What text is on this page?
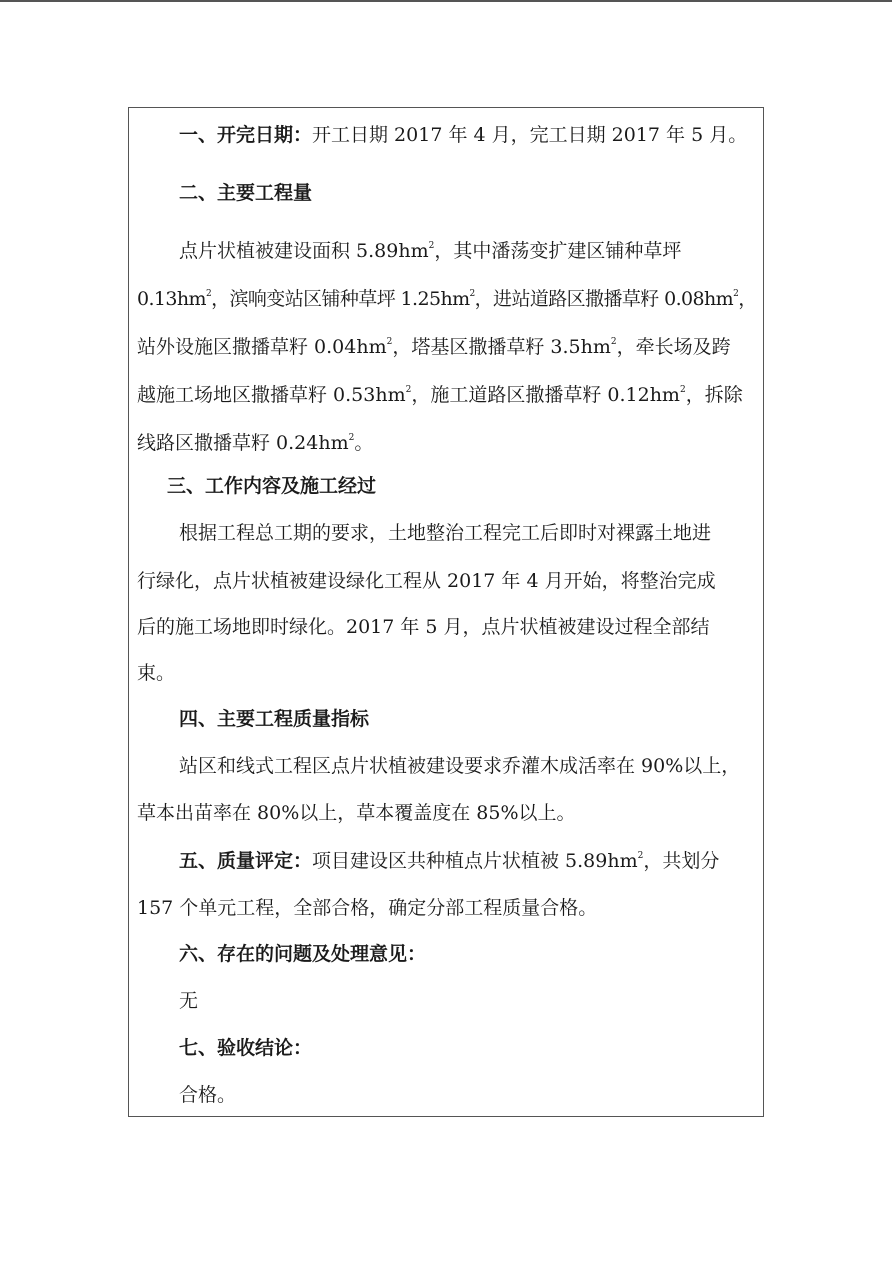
一、开完日期：开工日期 2017 年 4 月，完工日期 2017 年 5 月。
二、主要工程量
点片状植被建设面积 $5.89hm^2$，其中潘荡变扩建区铺种草坪
$0.13hm^2$，滨响变站区铺种草坪 $1.25hm^2$，进站道路区撒播草籽 $0.08hm^2$，
站外设施区撒播草籽 $0.04hm^2$，塔基区撒播草籽 $3.5hm^2$，牵长场及跨
越施工场地区撒播草籽 $0.53hm^2$，施工道路区撒播草籽 $0.12hm^2$，拆除
线路区撒播草籽 $0.24hm^2$。
三、工作内容及施工经过
根据工程总工期的要求，土地整治工程完工后即时对裸露土地进
行绿化，点片状植被建设绿化工程从 2017 年 4 月开始，将整治完成
后的施工场地即时绿化。2017 年 5 月，点片状植被建设过程全部结
束。
四、主要工程质量指标
站区和线式工程区点片状植被建设要求乔灌木成活率在 90%以上，
草本出苗率在 80%以上，草本覆盖度在 85%以上。
五、质量评定：项目建设区共种植点片状植被 $5.89hm^2$，共划分
157 个单元工程，全部合格，确定分部工程质量合格。
六、存在的问题及处理意见：
无
七、验收结论：
合格。
